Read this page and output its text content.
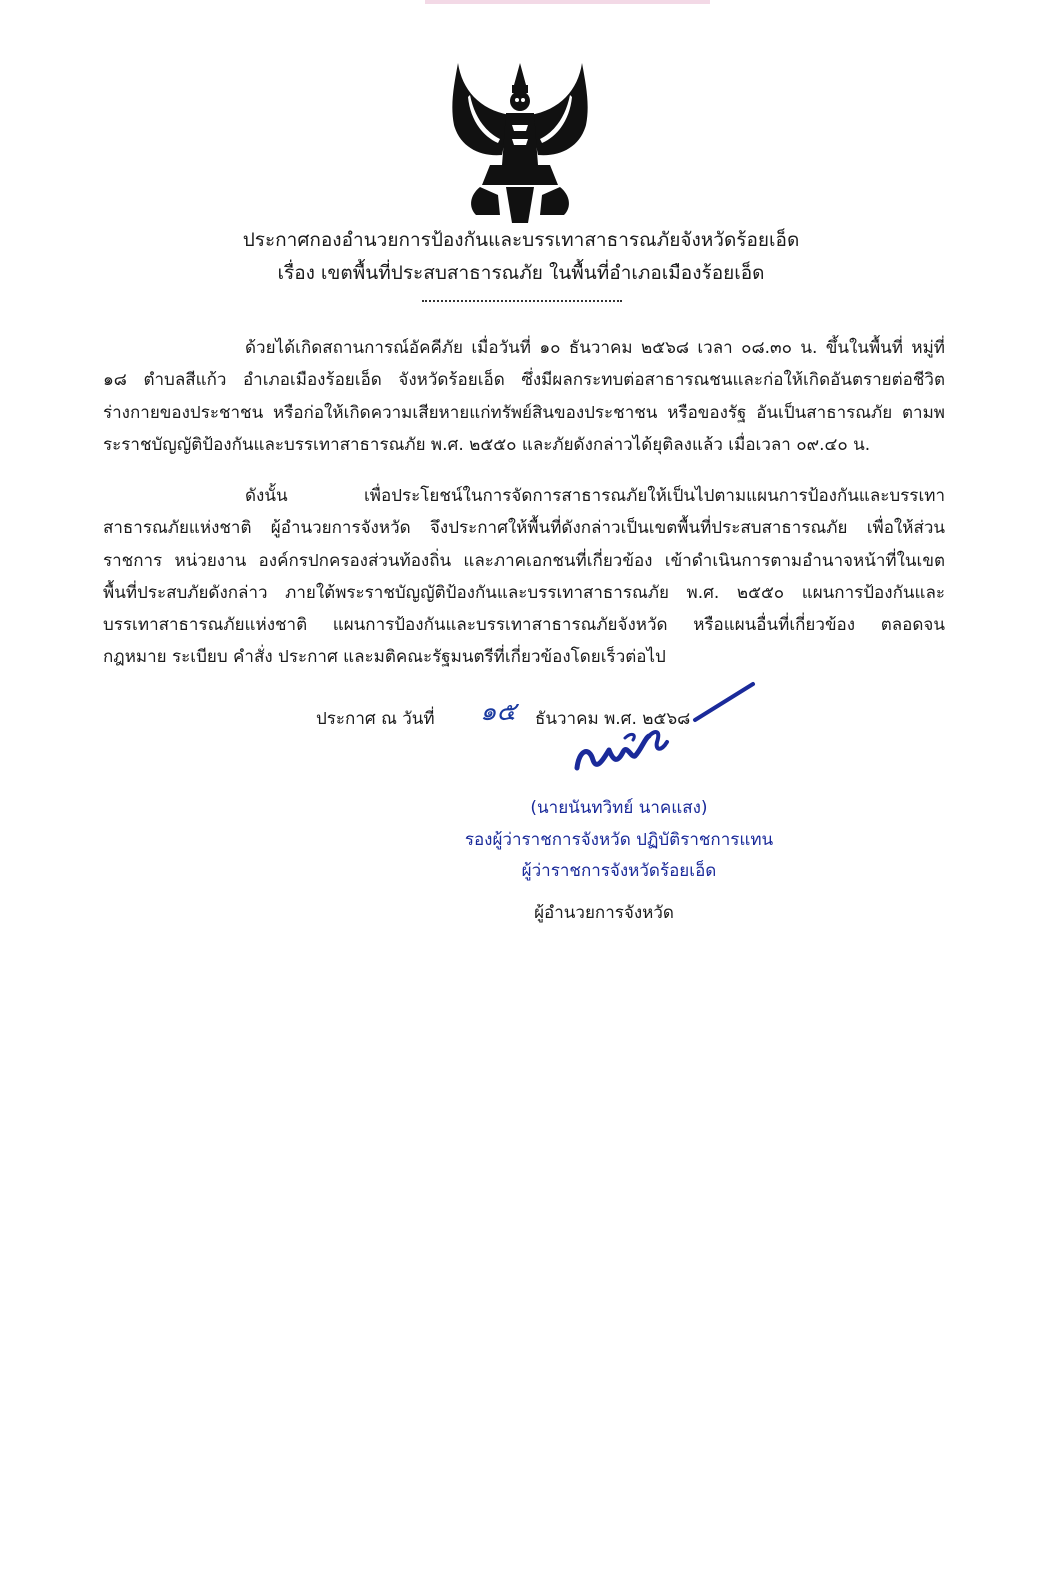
ประกาศกองอำนวยการป้องกันและบรรเทาสาธารณภัยจังหวัดร้อยเอ็ด
เรื่อง เขตพื้นที่ประสบสาธารณภัย ในพื้นที่อำเภอเมืองร้อยเอ็ด
ด้วยได้เกิดสถานการณ์อัคคีภัย เมื่อวันที่ ๑๐ ธันวาคม ๒๕๖๘ เวลา ๐๘.๓๐ น. ขึ้นในพื้นที่ หมู่ที่ ๑๘ ตำบลสีแก้ว อำเภอเมืองร้อยเอ็ด จังหวัดร้อยเอ็ด ซึ่งมีผลกระทบต่อสาธารณชนและก่อให้เกิดอันตรายต่อชีวิต ร่างกายของประชาชน หรือก่อให้เกิดความเสียหายแก่ทรัพย์สินของประชาชน หรือของรัฐ อันเป็นสาธารณภัย ตามพระราชบัญญัติป้องกันและบรรเทาสาธารณภัย พ.ศ. ๒๕๕๐ และภัยดังกล่าวได้ยุติลงแล้ว เมื่อเวลา ๐๙.๔๐ น.
ดังนั้น เพื่อประโยชน์ในการจัดการสาธารณภัยให้เป็นไปตามแผนการป้องกันและบรรเทาสาธารณภัยแห่งชาติ ผู้อำนวยการจังหวัด จึงประกาศให้พื้นที่ดังกล่าวเป็นเขตพื้นที่ประสบสาธารณภัย เพื่อให้ส่วนราชการ หน่วยงาน องค์กรปกครองส่วนท้องถิ่น และภาคเอกชนที่เกี่ยวข้อง เข้าดำเนินการตามอำนาจหน้าที่ในเขตพื้นที่ประสบภัยดังกล่าว ภายใต้พระราชบัญญัติป้องกันและบรรเทาสาธารณภัย พ.ศ. ๒๕๕๐ แผนการป้องกันและบรรเทาสาธารณภัยแห่งชาติ แผนการป้องกันและบรรเทาสาธารณภัยจังหวัด หรือแผนอื่นที่เกี่ยวข้อง ตลอดจนกฎหมาย ระเบียบ คำสั่ง ประกาศ และมติคณะรัฐมนตรีที่เกี่ยวข้องโดยเร็วต่อไป
ประกาศ ณ วันที่ ๑๕ ธันวาคม พ.ศ. ๒๕๖๘
(นายนันทวิทย์ นาคแสง)
รองผู้ว่าราชการจังหวัด ปฏิบัติราชการแทน
ผู้ว่าราชการจังหวัดร้อยเอ็ด
ผู้อำนวยการจังหวัด
